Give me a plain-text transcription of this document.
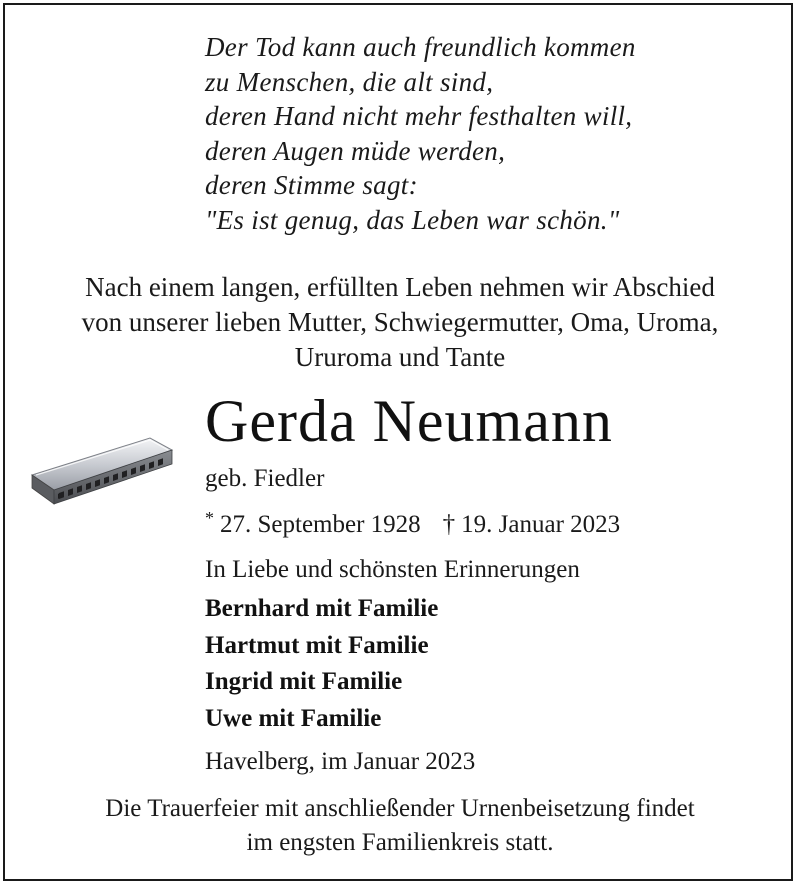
Der Tod kann auch freundlich kommen
zu Menschen, die alt sind,
deren Hand nicht mehr festhalten will,
deren Augen müde werden,
deren Stimme sagt:
"Es ist genug, das Leben war schön."
Nach einem langen, erfüllten Leben nehmen wir Abschied
von unserer lieben Mutter, Schwiegermutter, Oma, Uroma,
Ururoma und Tante
Gerda Neumann
geb. Fiedler
* 27. September 1928 † 19. Januar 2023
In Liebe und schönsten Erinnerungen
Bernhard mit Familie
Hartmut mit Familie
Ingrid mit Familie
Uwe mit Familie
Havelberg, im Januar 2023
Die Trauerfeier mit anschließender Urnenbeisetzung findet
im engsten Familienkreis statt.
